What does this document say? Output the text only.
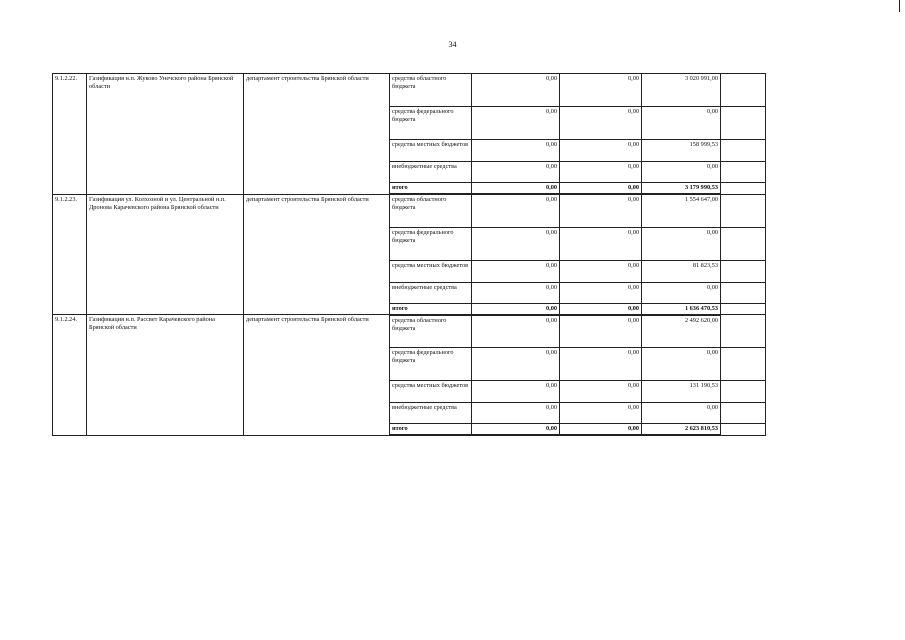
34
9.1.2.22.	Газификация н.п. Жуково Унечского района Брянской области	департамент строительства Брянской области	средства областного бюджета	0,00	0,00	3 020 991,00	
			средства федерального бюджета	0,00	0,00	0,00	
			средства местных бюджетов	0,00	0,00	158 999,53	
			внебюджетные средства	0,00	0,00	0,00	
			итого	0,00	0,00	3 179 990,53	
9.1.2.23.	Газификация ул. Колхозной и ул. Центральной н.п. Дронова Карачевского района Брянской области	департамент строительства Брянской области	средства областного бюджета	0,00	0,00	1 554 647,00	
			средства федерального бюджета	0,00	0,00	0,00	
			средства местных бюджетов	0,00	0,00	81 823,53	
			внебюджетные средства	0,00	0,00	0,00	
			итого	0,00	0,00	1 636 470,53	
9.1.2.24.	Газификация н.п. Рассвет Карачевского района Брянской области	департамент строительства Брянской области	средства областного бюджета	0,00	0,00	2 492 620,00	
			средства федерального бюджета	0,00	0,00	0,00	
			средства местных бюджетов	0,00	0,00	131 190,53	
			внебюджетные средства	0,00	0,00	0,00	
			итого	0,00	0,00	2 623 810,53	
